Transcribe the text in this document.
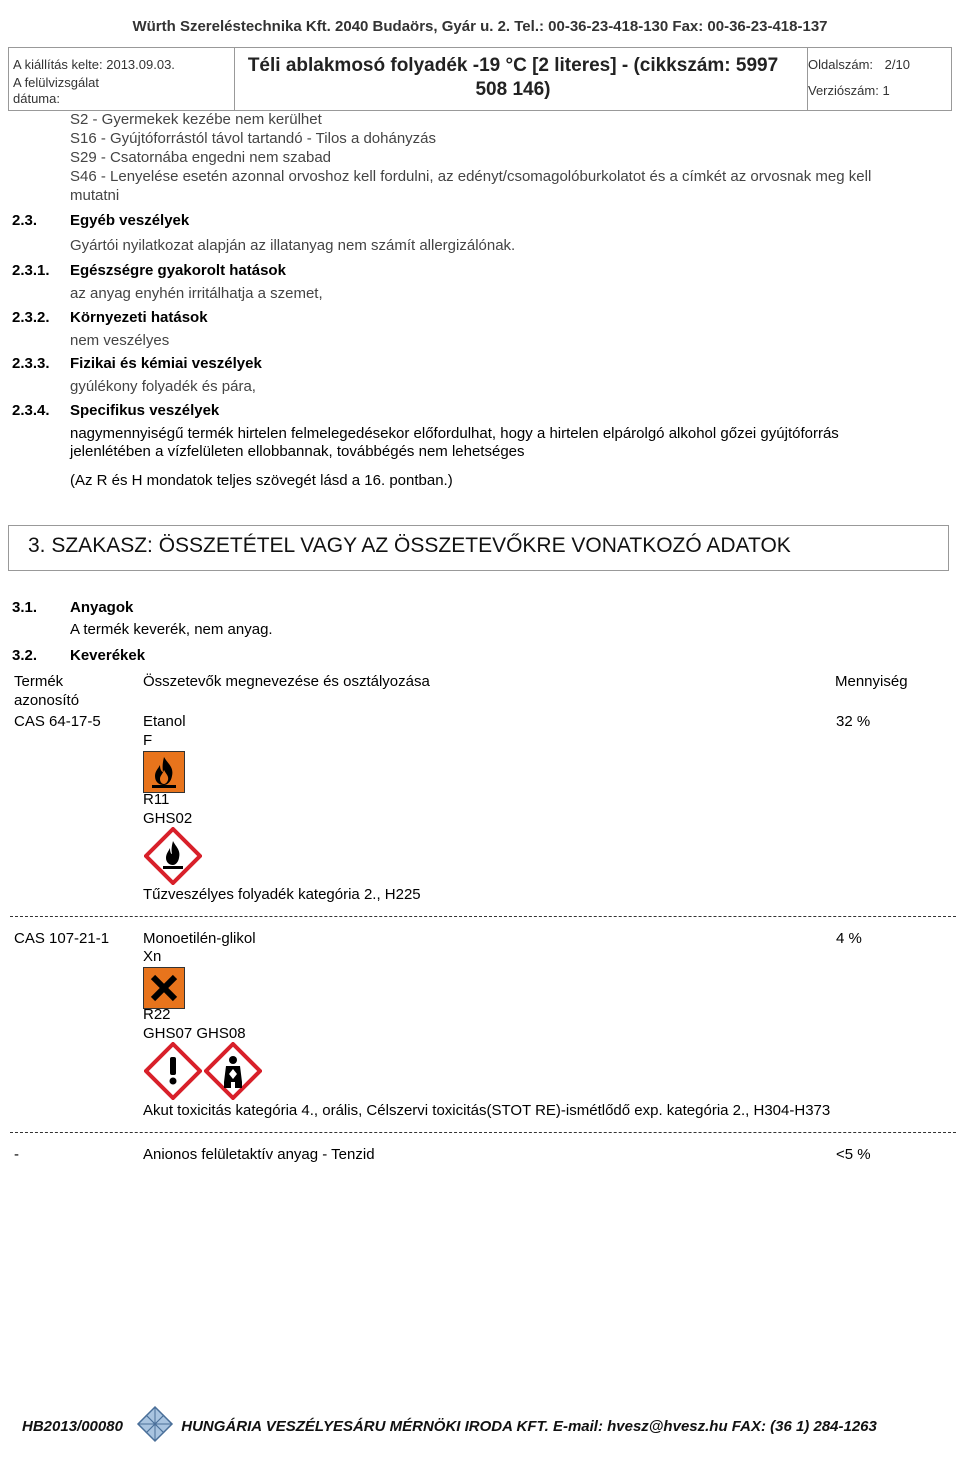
Würth Szereléstechnika Kft. 2040 Budaörs, Gyár u. 2. Tel.: 00-36-23-418-130 Fax: 00-36-23-418-137
A kiállítás kelte: 2013.09.03.
A felülvizsgálat
dátuma:
Téli ablakmosó folyadék -19 °C [2 literes] - (cikkszám: 5997
508 146)
Oldalszám: 2/10
Verziószám: 1
S2 - Gyermekek kezébe nem kerülhet
S16 - Gyújtóforrástól távol tartandó - Tilos a dohányzás
S29 - Csatornába engedni nem szabad
S46 - Lenyelése esetén azonnal orvoshoz kell fordulni, az edényt/csomagolóburkolatot és a címkét az orvosnak meg kell
mutatni
2.3. Egyéb veszélyek
Gyártói nyilatkozat alapján az illatanyag nem számít allergizálónak.
2.3.1. Egészségre gyakorolt hatások
az anyag enyhén irritálhatja a szemet,
2.3.2. Környezeti hatások
nem veszélyes
2.3.3. Fizikai és kémiai veszélyek
gyúlékony folyadék és pára,
2.3.4. Specifikus veszélyek
nagymennyiségű termék hirtelen felmelegedésekor előfordulhat, hogy a hirtelen elpárolgó alkohol gőzei gyújtóforrás
jelenlétében a vízfelületen ellobbannak, továbbégés nem lehetséges
(Az R és H mondatok teljes szövegét lásd a 16. pontban.)
3. SZAKASZ: ÖSSZETÉTEL VAGY AZ ÖSSZETEVŐKRE VONATKOZÓ ADATOK
3.1. Anyagok
A termék keverék, nem anyag.
3.2. Keverékek
Termék
azonosító
Összetevők megnevezése és osztályozása	Mennyiség
CAS 64-17-5	Etanol	32 %
F
R11
GHS02
Tűzveszélyes folyadék kategória 2., H225
CAS 107-21-1 Monoetilén-glikol	4 %
Xn
R22
GHS07 GHS08
Akut toxicitás kategória 4., orális, Célszervi toxicitás(STOT RE)-ismétlődő exp. kategória 2., H304-H373
-	Anionos felületaktív anyag - Tenzid	<5 %
HB2013/00080	HUNGÁRIA VESZÉLYESÁRU MÉRNÖKI IRODA KFT. E-mail: hvesz@hvesz.hu FAX: (36 1) 284-1263
